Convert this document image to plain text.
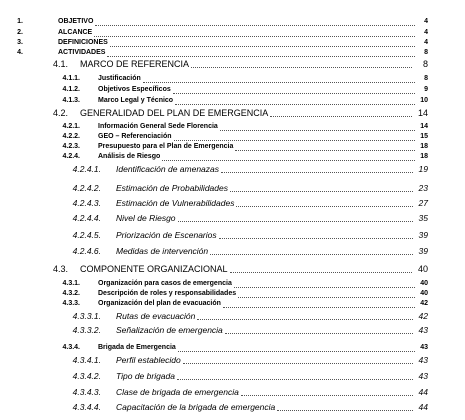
1.	OBJETIVO	4
2.	ALCANCE	4
3.	DEFINICIONES	4
4.	ACTIVIDADES	8
4.1. MARCO DE REFERENCIA	8
4.1.1.	Justificación	8
4.1.2.	Objetivos Específicos	9
4.1.3.	Marco Legal y Técnico	10
4.2. GENERALIDAD DEL PLAN DE EMERGENCIA	14
4.2.1.	Información General Sede Florencia	14
4.2.2.	GEO – Referenciación	15
4.2.3.	Presupuesto para el Plan de Emergencia	18
4.2.4.	Análisis de Riesgo	18
4.2.4.1. Identificación de amenazas	19
4.2.4.2. Estimación de Probabilidades	23
4.2.4.3. Estimación de Vulnerabilidades	27
4.2.4.4. Nivel de Riesgo	35
4.2.4.5. Priorización de Escenarios	39
4.2.4.6. Medidas de intervención	39
4.3. COMPONENTE ORGANIZACIONAL	40
4.3.1.	Organización para casos de emergencia	40
4.3.2.	Descripción de roles y responsabilidades	40
4.3.3.	Organización del plan de evacuación	42
4.3.3.1. Rutas de evacuación	42
4.3.3.2. Señalización de emergencia	43
4.3.4.	Brigada de Emergencia	43
4.3.4.1. Perfil establecido	43
4.3.4.2. Tipo de brigada	43
4.3.4.3. Clase de brigada de emergencia	44
4.3.4.4. Capacitación de la brigada de emergencia	44
